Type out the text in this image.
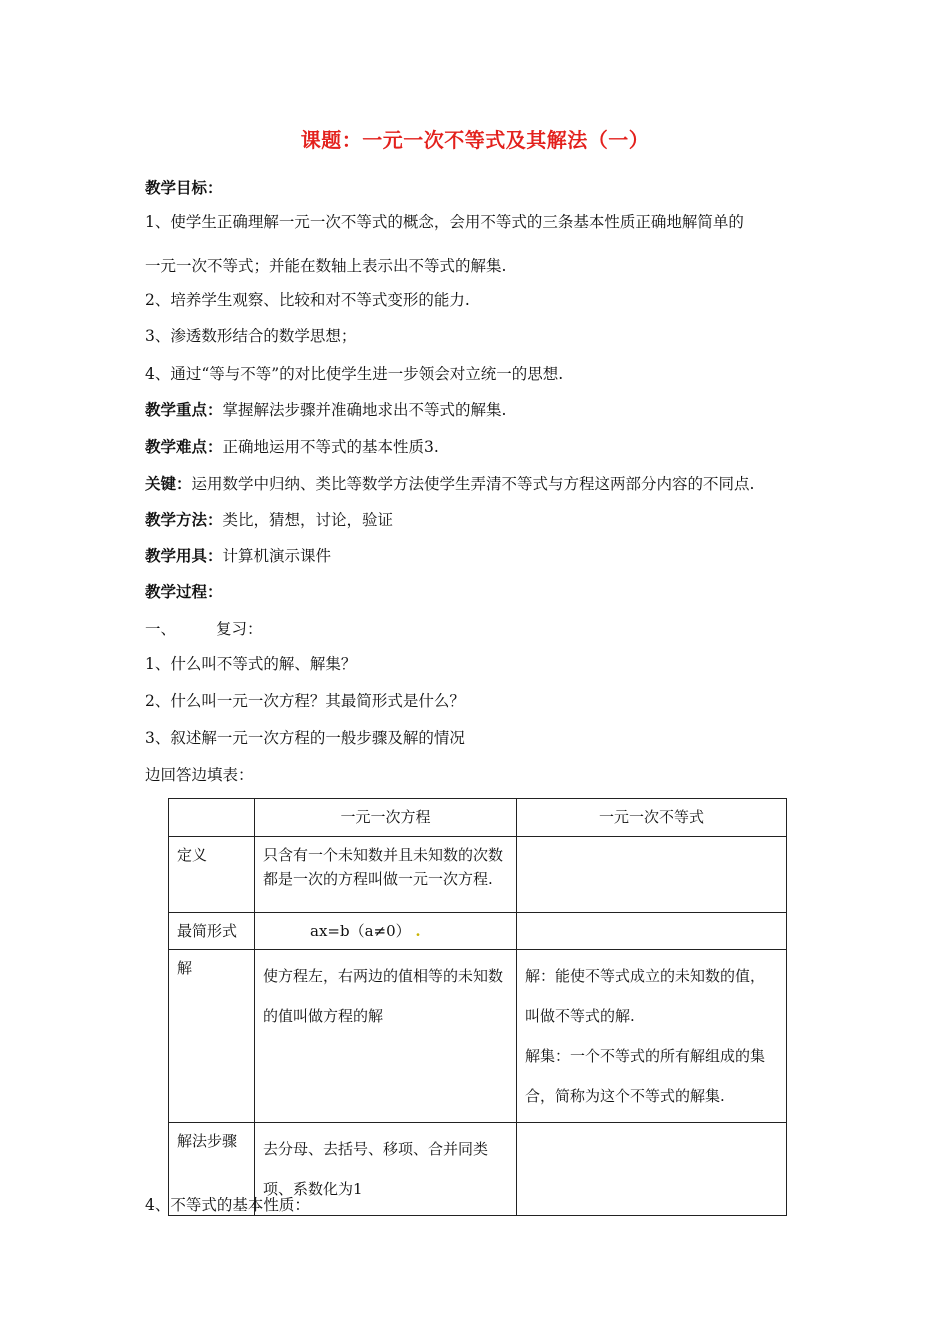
课题：一元一次不等式及其解法（一）
教学目标：
1、使学生正确理解一元一次不等式的概念，会用不等式的三条基本性质正确地解简单的
一元一次不等式；并能在数轴上表示出不等式的解集.
2、培养学生观察、比较和对不等式变形的能力.
3、渗透数形结合的数学思想；
4、通过“等与不等”的对比使学生进一步领会对立统一的思想.
教学重点：掌握解法步骤并准确地求出不等式的解集.
教学难点：正确地运用不等式的基本性质3.
关键：运用数学中归纳、类比等数学方法使学生弄清不等式与方程这两部分内容的不同点.
教学方法：类比，猜想，讨论，验证
教学用具：计算机演示课件
教学过程：
一、	复习：
1、什么叫不等式的解、解集？
2、什么叫一元一次方程？其最简形式是什么？
3、叙述解一元一次方程的一般步骤及解的情况
边回答边填表：
	一元一次方程	一元一次不等式
定义	只含有一个未知数并且未知数的次数都是一次的方程叫做一元一次方程.	
最简形式	ax=b（a≠0） .	
解	使方程左，右两边的值相等的未知数的值叫做方程的解	解：能使不等式成立的未知数的值，叫做不等式的解.
解集：一个不等式的所有解组成的集合，简称为这个不等式的解集.

解法步骤	去分母、去括号、移项、合并同类项、系数化为1	
4、不等式的基本性质：
